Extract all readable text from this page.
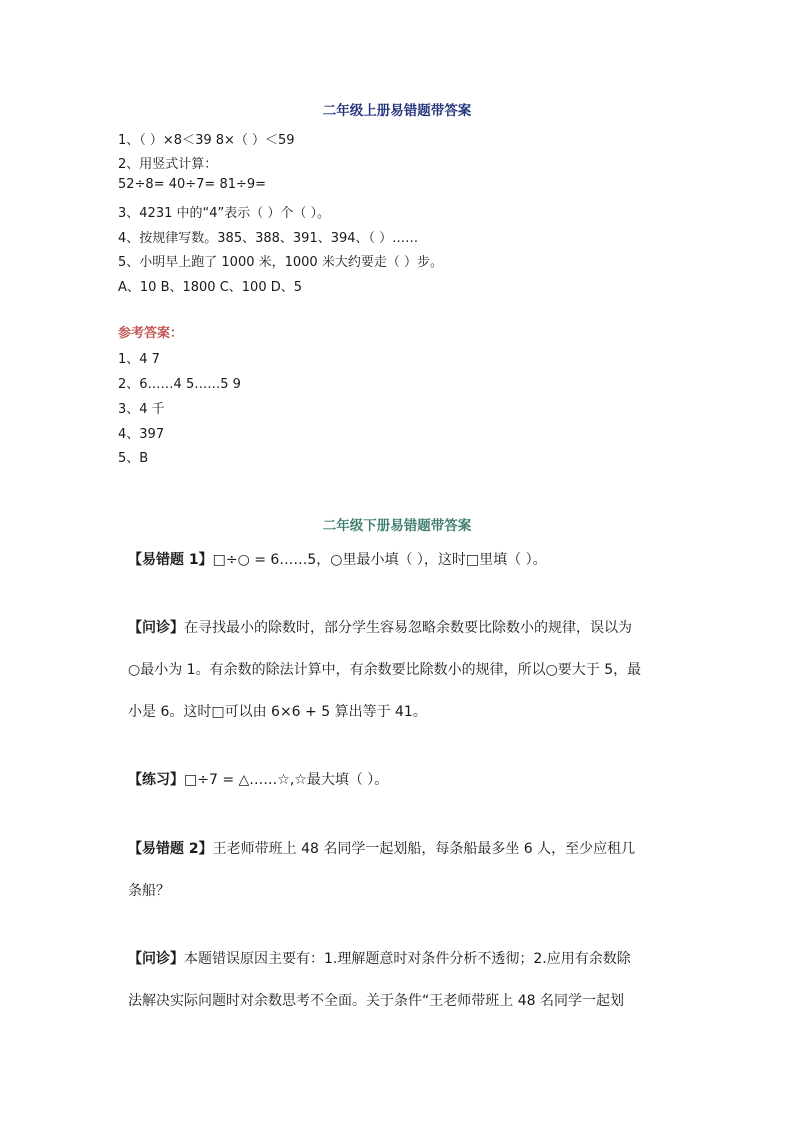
二年级上册易错题带答案
1、（ ）×8＜39 8×（ ）＜59
2、用竖式计算：
52÷8= 40÷7= 81÷9=
3、4231 中的“4”表示（ ）个（ ）。
4、按规律写数。385、388、391、394、（ ）……
5、小明早上跑了 1000 米，1000 米大约要走（ ）步。
A、10 B、1800 C、100 D、5
参考答案：
1、4 7
2、6……4 5……5 9
3、4 千
4、397
5、B
二年级下册易错题带答案
【易错题 1】□÷○ = 6……5，○里最小填（ ），这时□里填（ ）。
【问诊】在寻找最小的除数时，部分学生容易忽略余数要比除数小的规律，误以为
○最小为 1。有余数的除法计算中，有余数要比除数小的规律，所以○要大于 5，最
小是 6。这时□可以由 6×6 + 5 算出等于 41。
【练习】□÷7 = △……☆,☆最大填（ ）。
【易错题 2】王老师带班上 48 名同学一起划船，每条船最多坐 6 人，至少应租几
条船？
【问诊】本题错误原因主要有：1.理解题意时对条件分析不透彻；2.应用有余数除
法解决实际问题时对余数思考不全面。关于条件“王老师带班上 48 名同学一起划
